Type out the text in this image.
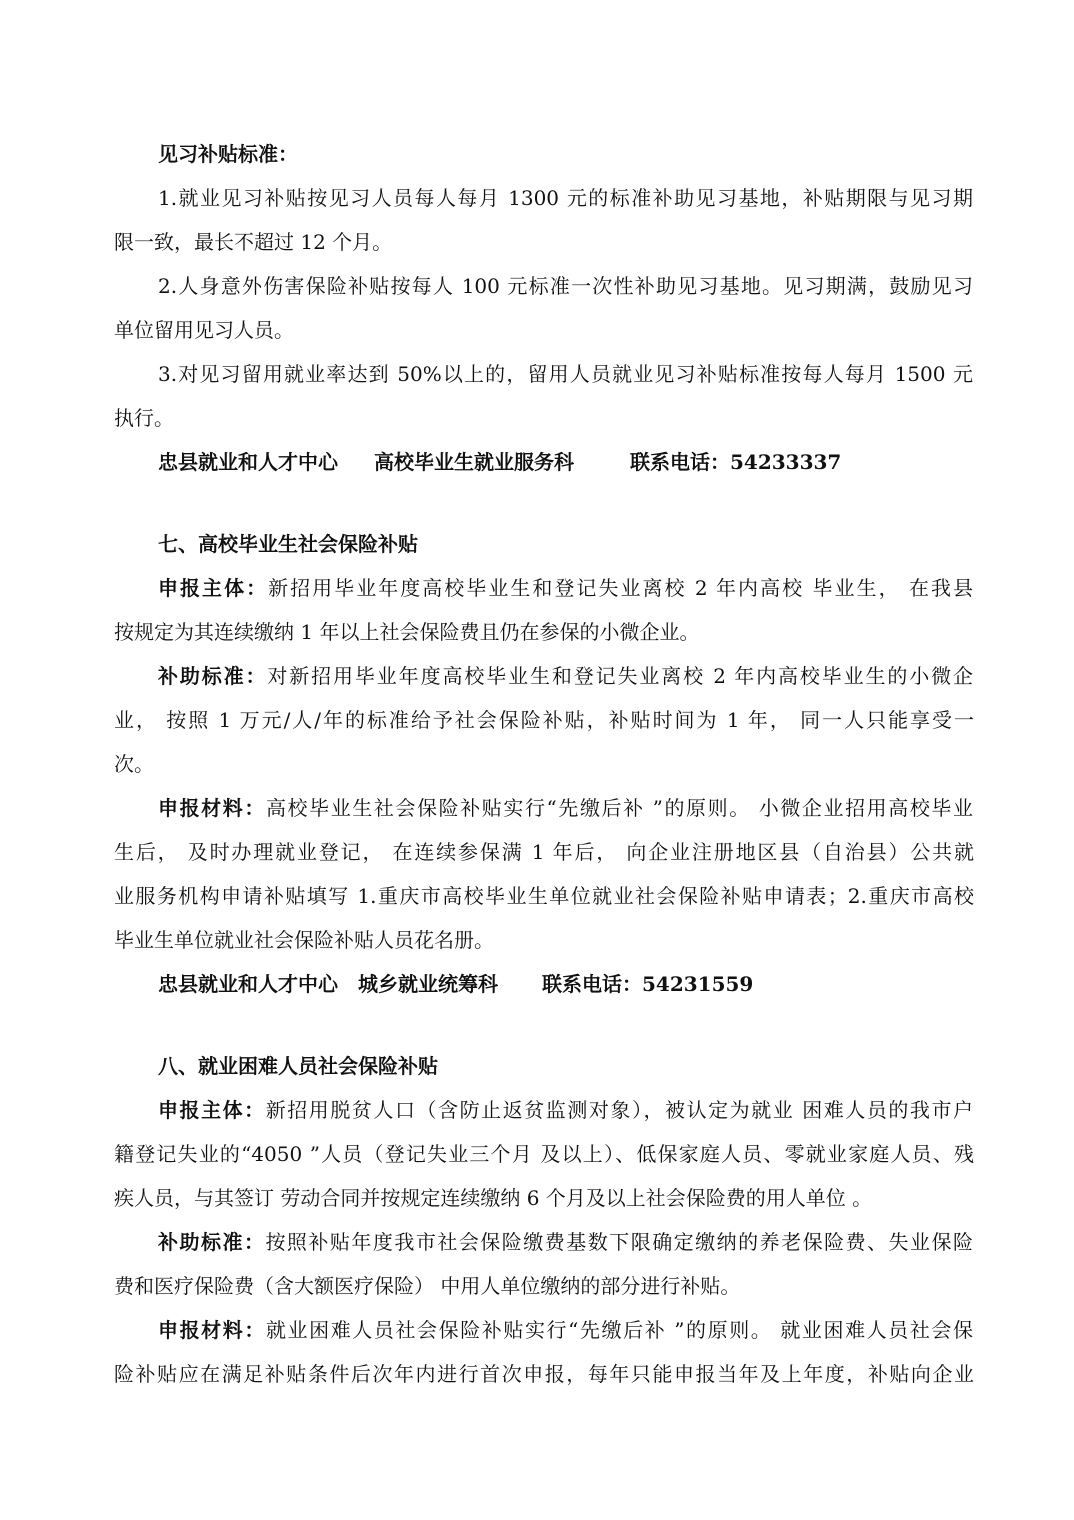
见习补贴标准：
1.就业见习补贴按见习人员每人每月 1300 元的标准补助见习基地，补贴期限与见习期
限一致，最长不超过 12 个月。
2.人身意外伤害保险补贴按每人 100 元标准一次性补助见习基地。见习期满，鼓励见习
单位留用见习人员。
3.对见习留用就业率达到 50%以上的，留用人员就业见习补贴标准按每人每月 1500 元
执行。
忠县就业和人才中心 高校毕业生就业服务科	联系电话：54233337
七、高校毕业生社会保险补贴
申报主体：新招用毕业年度高校毕业生和登记失业离校 2 年内高校 毕业生， 在我县
按规定为其连续缴纳 1 年以上社会保险费且仍在参保的小微企业。
补助标准：对新招用毕业年度高校毕业生和登记失业离校 2 年内高校毕业生的小微企
业， 按照 1 万元/人/年的标准给予社会保险补贴，补贴时间为 1 年， 同一人只能享受一
次。
申报材料：高校毕业生社会保险补贴实行“先缴后补 ”的原则。 小微企业招用高校毕业
生后， 及时办理就业登记， 在连续参保满 1 年后， 向企业注册地区县（自治县）公共就
业服务机构申请补贴填写 1.重庆市高校毕业生单位就业社会保险补贴申请表；2.重庆市高校
毕业生单位就业社会保险补贴人员花名册。
忠县就业和人才中心 城乡就业统筹科 联系电话：54231559
八、就业困难人员社会保险补贴
申报主体：新招用脱贫人口（含防止返贫监测对象），被认定为就业 困难人员的我市户
籍登记失业的“4050 ”人员（登记失业三个月 及以上）、低保家庭人员、零就业家庭人员、残
疾人员，与其签订 劳动合同并按规定连续缴纳 6 个月及以上社会保险费的用人单位 。
补助标准：按照补贴年度我市社会保险缴费基数下限确定缴纳的养老保险费、失业保险
费和医疗保险费（含大额医疗保险） 中用人单位缴纳的部分进行补贴。
申报材料：就业困难人员社会保险补贴实行“先缴后补 ”的原则。 就业困难人员社会保
险补贴应在满足补贴条件后次年内进行首次申报，每年只能申报当年及上年度，补贴向企业
